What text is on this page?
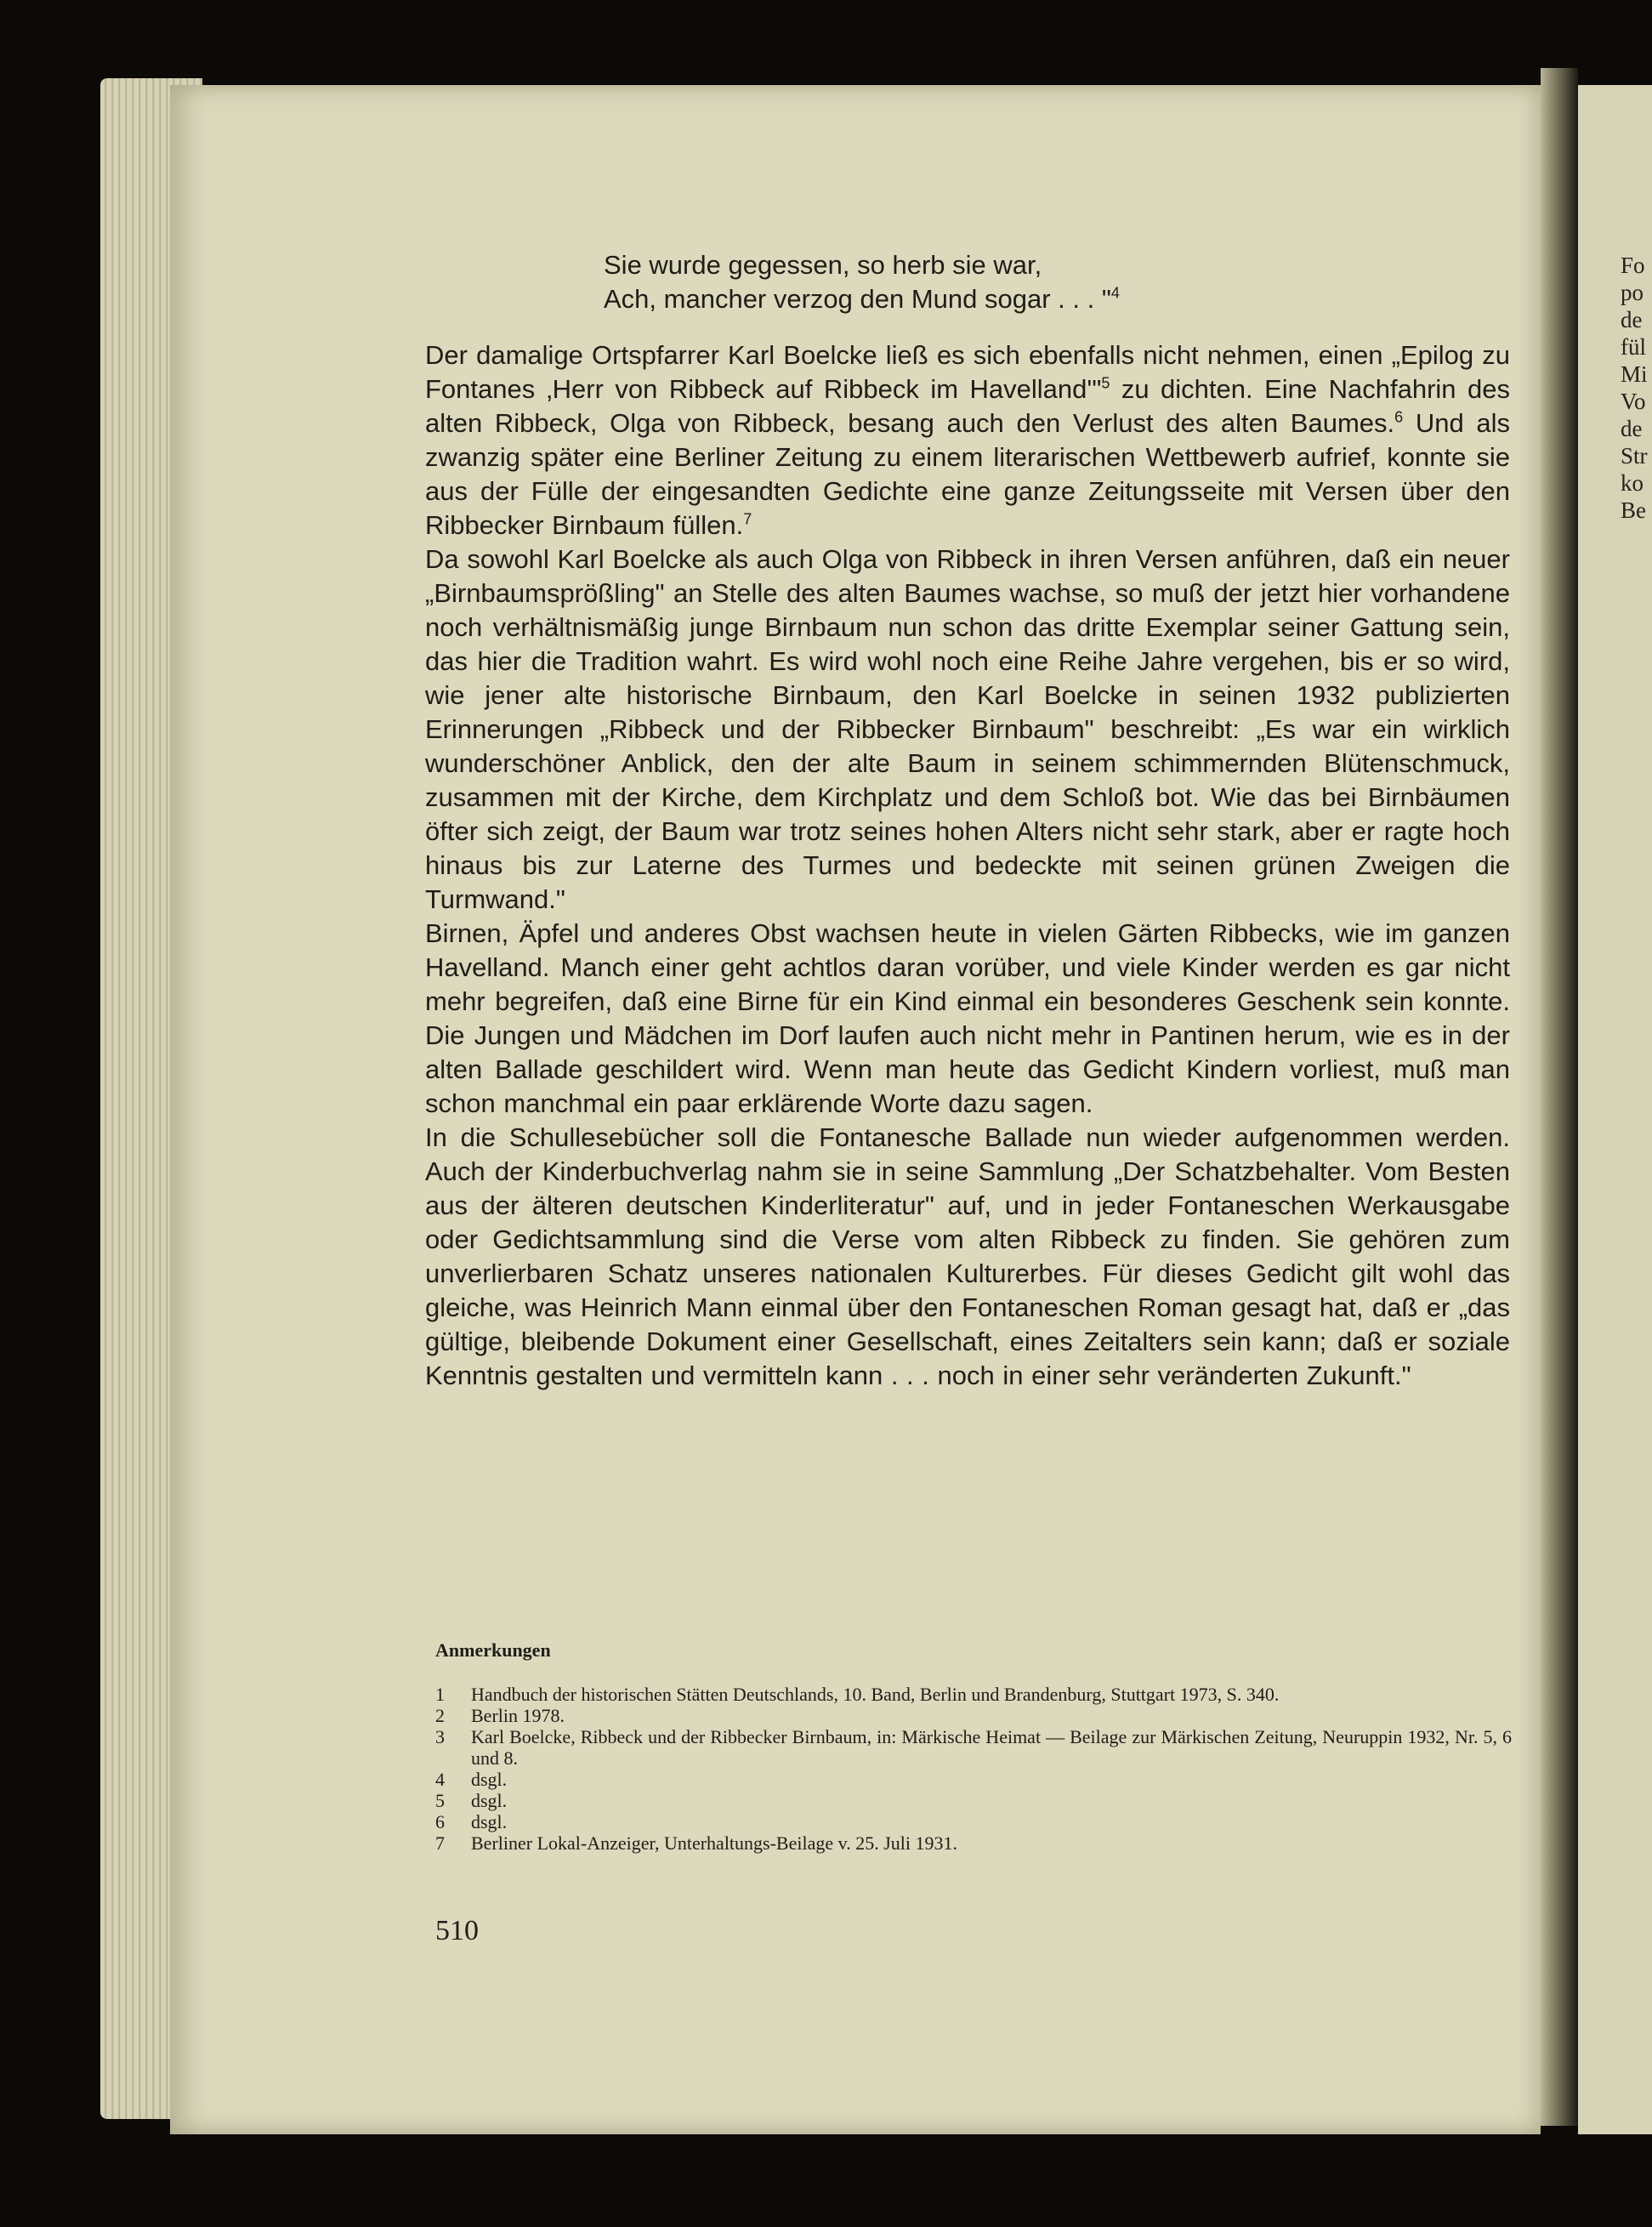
Fo
po
de
fül
Mi
Vo
de
Str
ko
Be
Sie wurde gegessen, so herb sie war,
Ach, mancher verzog den Mund sogar . . . "$^4$

Der damalige Ortspfarrer Karl Boelcke ließ es sich ebenfalls nicht nehmen, einen „Epilog zu Fontanes ‚Herr von Ribbeck auf Ribbeck im Havelland'"$^5$ zu dichten. Eine Nachfahrin des alten Ribbeck, Olga von Ribbeck, besang auch den Verlust des alten Baumes.$^6$ Und als zwanzig später eine Berliner Zeitung zu einem literarischen Wettbewerb aufrief, konnte sie aus der Fülle der eingesandten Gedichte eine ganze Zeitungsseite mit Versen über den Ribbecker Birnbaum füllen.$^7$

Da sowohl Karl Boelcke als auch Olga von Ribbeck in ihren Versen anführen, daß ein neuer „Birnbaumsprößling" an Stelle des alten Baumes wachse, so muß der jetzt hier vorhandene noch verhältnismäßig junge Birnbaum nun schon das dritte Exemplar seiner Gattung sein, das hier die Tradition wahrt. Es wird wohl noch eine Reihe Jahre vergehen, bis er so wird, wie jener alte historische Birnbaum, den Karl Boelcke in seinen 1932 publizierten Erinnerungen „Ribbeck und der Ribbecker Birnbaum" beschreibt: „Es war ein wirklich wunderschöner Anblick, den der alte Baum in seinem schimmernden Blütenschmuck, zusammen mit der Kirche, dem Kirchplatz und dem Schloß bot. Wie das bei Birnbäumen öfter sich zeigt, der Baum war trotz seines hohen Alters nicht sehr stark, aber er ragte hoch hinaus bis zur Laterne des Turmes und bedeckte mit seinen grünen Zweigen die Turmwand."

Birnen, Äpfel und anderes Obst wachsen heute in vielen Gärten Ribbecks, wie im ganzen Havelland. Manch einer geht achtlos daran vorüber, und viele Kinder werden es gar nicht mehr begreifen, daß eine Birne für ein Kind einmal ein besonderes Geschenk sein konnte. Die Jungen und Mädchen im Dorf laufen auch nicht mehr in Pantinen herum, wie es in der alten Ballade geschildert wird. Wenn man heute das Gedicht Kindern vorliest, muß man schon manchmal ein paar erklärende Worte dazu sagen.

In die Schullesebücher soll die Fontanesche Ballade nun wieder aufgenommen werden. Auch der Kinderbuchverlag nahm sie in seine Sammlung „Der Schatzbehalter. Vom Besten aus der älteren deutschen Kinderliteratur" auf, und in jeder Fontaneschen Werkausgabe oder Gedichtsammlung sind die Verse vom alten Ribbeck zu finden. Sie gehören zum unverlierbaren Schatz unseres nationalen Kulturerbes. Für dieses Gedicht gilt wohl das gleiche, was Heinrich Mann einmal über den Fontaneschen Roman gesagt hat, daß er „das gültige, bleibende Dokument einer Gesellschaft, eines Zeitalters sein kann; daß er soziale Kenntnis gestalten und vermitteln kann . . . noch in einer sehr veränderten Zukunft."

Anmerkungen
1 Handbuch der historischen Stätten Deutschlands, 10. Band, Berlin und Brandenburg, Stuttgart 1973, S. 340.
2 Berlin 1978.
3 Karl Boelcke, Ribbeck und der Ribbecker Birnbaum, in: Märkische Heimat — Beilage zur Märkischen Zeitung, Neuruppin 1932, Nr. 5, 6 und 8.
4 dsgl.
5 dsgl.
6 dsgl.
7 Berliner Lokal-Anzeiger, Unterhaltungs-Beilage v. 25. Juli 1931.
510
